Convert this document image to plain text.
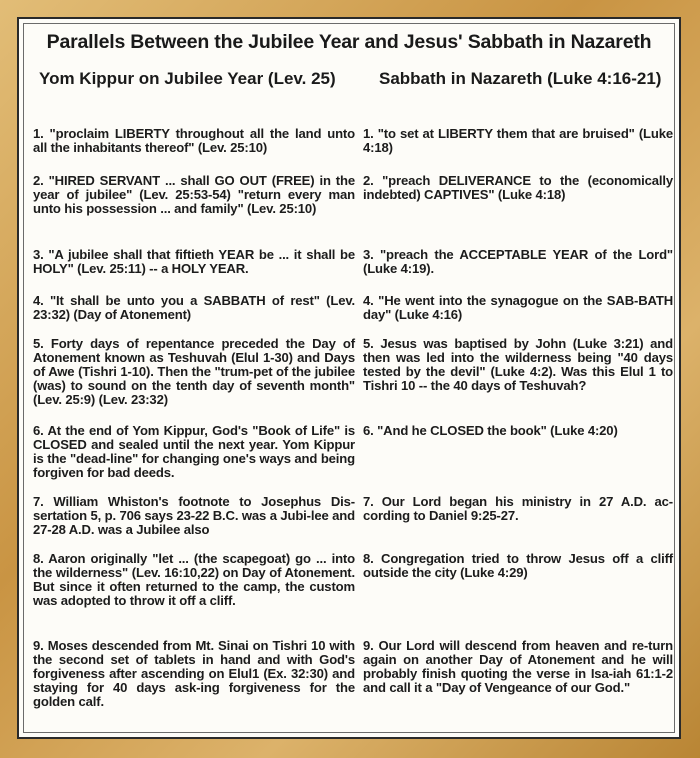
Parallels Between the Jubilee Year and Jesus' Sabbath in Nazareth
Yom Kippur on Jubilee Year (Lev. 25)	Sabbath in Nazareth (Luke 4:16-21)
1. "proclaim LIBERTY throughout all the land unto all the inhabitants thereof" (Lev. 25:10)
1. "to set at LIBERTY them that are bruised" (Luke 4:18)
2. "HIRED SERVANT ... shall GO OUT (FREE) in the year of jubilee" (Lev. 25:53-54) "return every man unto his possession ... and family" (Lev. 25:10)
2. "preach DELIVERANCE to the (economically indebted) CAPTIVES" (Luke 4:18)
3. "A jubilee shall that fiftieth YEAR be ... it shall be HOLY" (Lev. 25:11) -- a HOLY YEAR.
3. "preach the ACCEPTABLE YEAR of the Lord" (Luke 4:19).
4. "It shall be unto you a SABBATH of rest" (Lev. 23:32) (Day of Atonement)
4. "He went into the synagogue on the SAB-BATH day" (Luke 4:16)
5. Forty days of repentance preceded the Day of Atonement known as Teshuvah (Elul 1-30) and Days of Awe (Tishri 1-10). Then the "trum-pet of the jubilee (was) to sound on the tenth day of seventh month" (Lev. 25:9) (Lev. 23:32)
5. Jesus was baptised by John (Luke 3:21) and then was led into the wilderness being "40 days tested by the devil" (Luke 4:2). Was this Elul 1 to Tishri 10 -- the 40 days of Teshuvah?
6. At the end of Yom Kippur, God's "Book of Life" is CLOSED and sealed until the next year. Yom Kippur is the "dead-line" for changing one's ways and being forgiven for bad deeds.
6. "And he CLOSED the book" (Luke 4:20)
7. William Whiston's footnote to Josephus Dis-sertation 5, p. 706 says 23-22 B.C. was a Jubi-lee and 27-28 A.D. was a Jubilee also
7. Our Lord began his ministry in 27 A.D. ac-cording to Daniel 9:25-27.
8. Aaron originally "let ... (the scapegoat) go ... into the wilderness" (Lev. 16:10,22) on Day of Atonement. But since it often returned to the camp, the custom was adopted to throw it off a cliff.
8. Congregation tried to throw Jesus off a cliff outside the city (Luke 4:29)
9. Moses descended from Mt. Sinai on Tishri 10 with the second set of tablets in hand and with God's forgiveness after ascending on Elul1 (Ex. 32:30) and staying for 40 days ask-ing forgiveness for the golden calf.
9. Our Lord will descend from heaven and re-turn again on another Day of Atonement and he will probably finish quoting the verse in Isa-iah 61:1-2 and call it a "Day of Vengeance of our God."
